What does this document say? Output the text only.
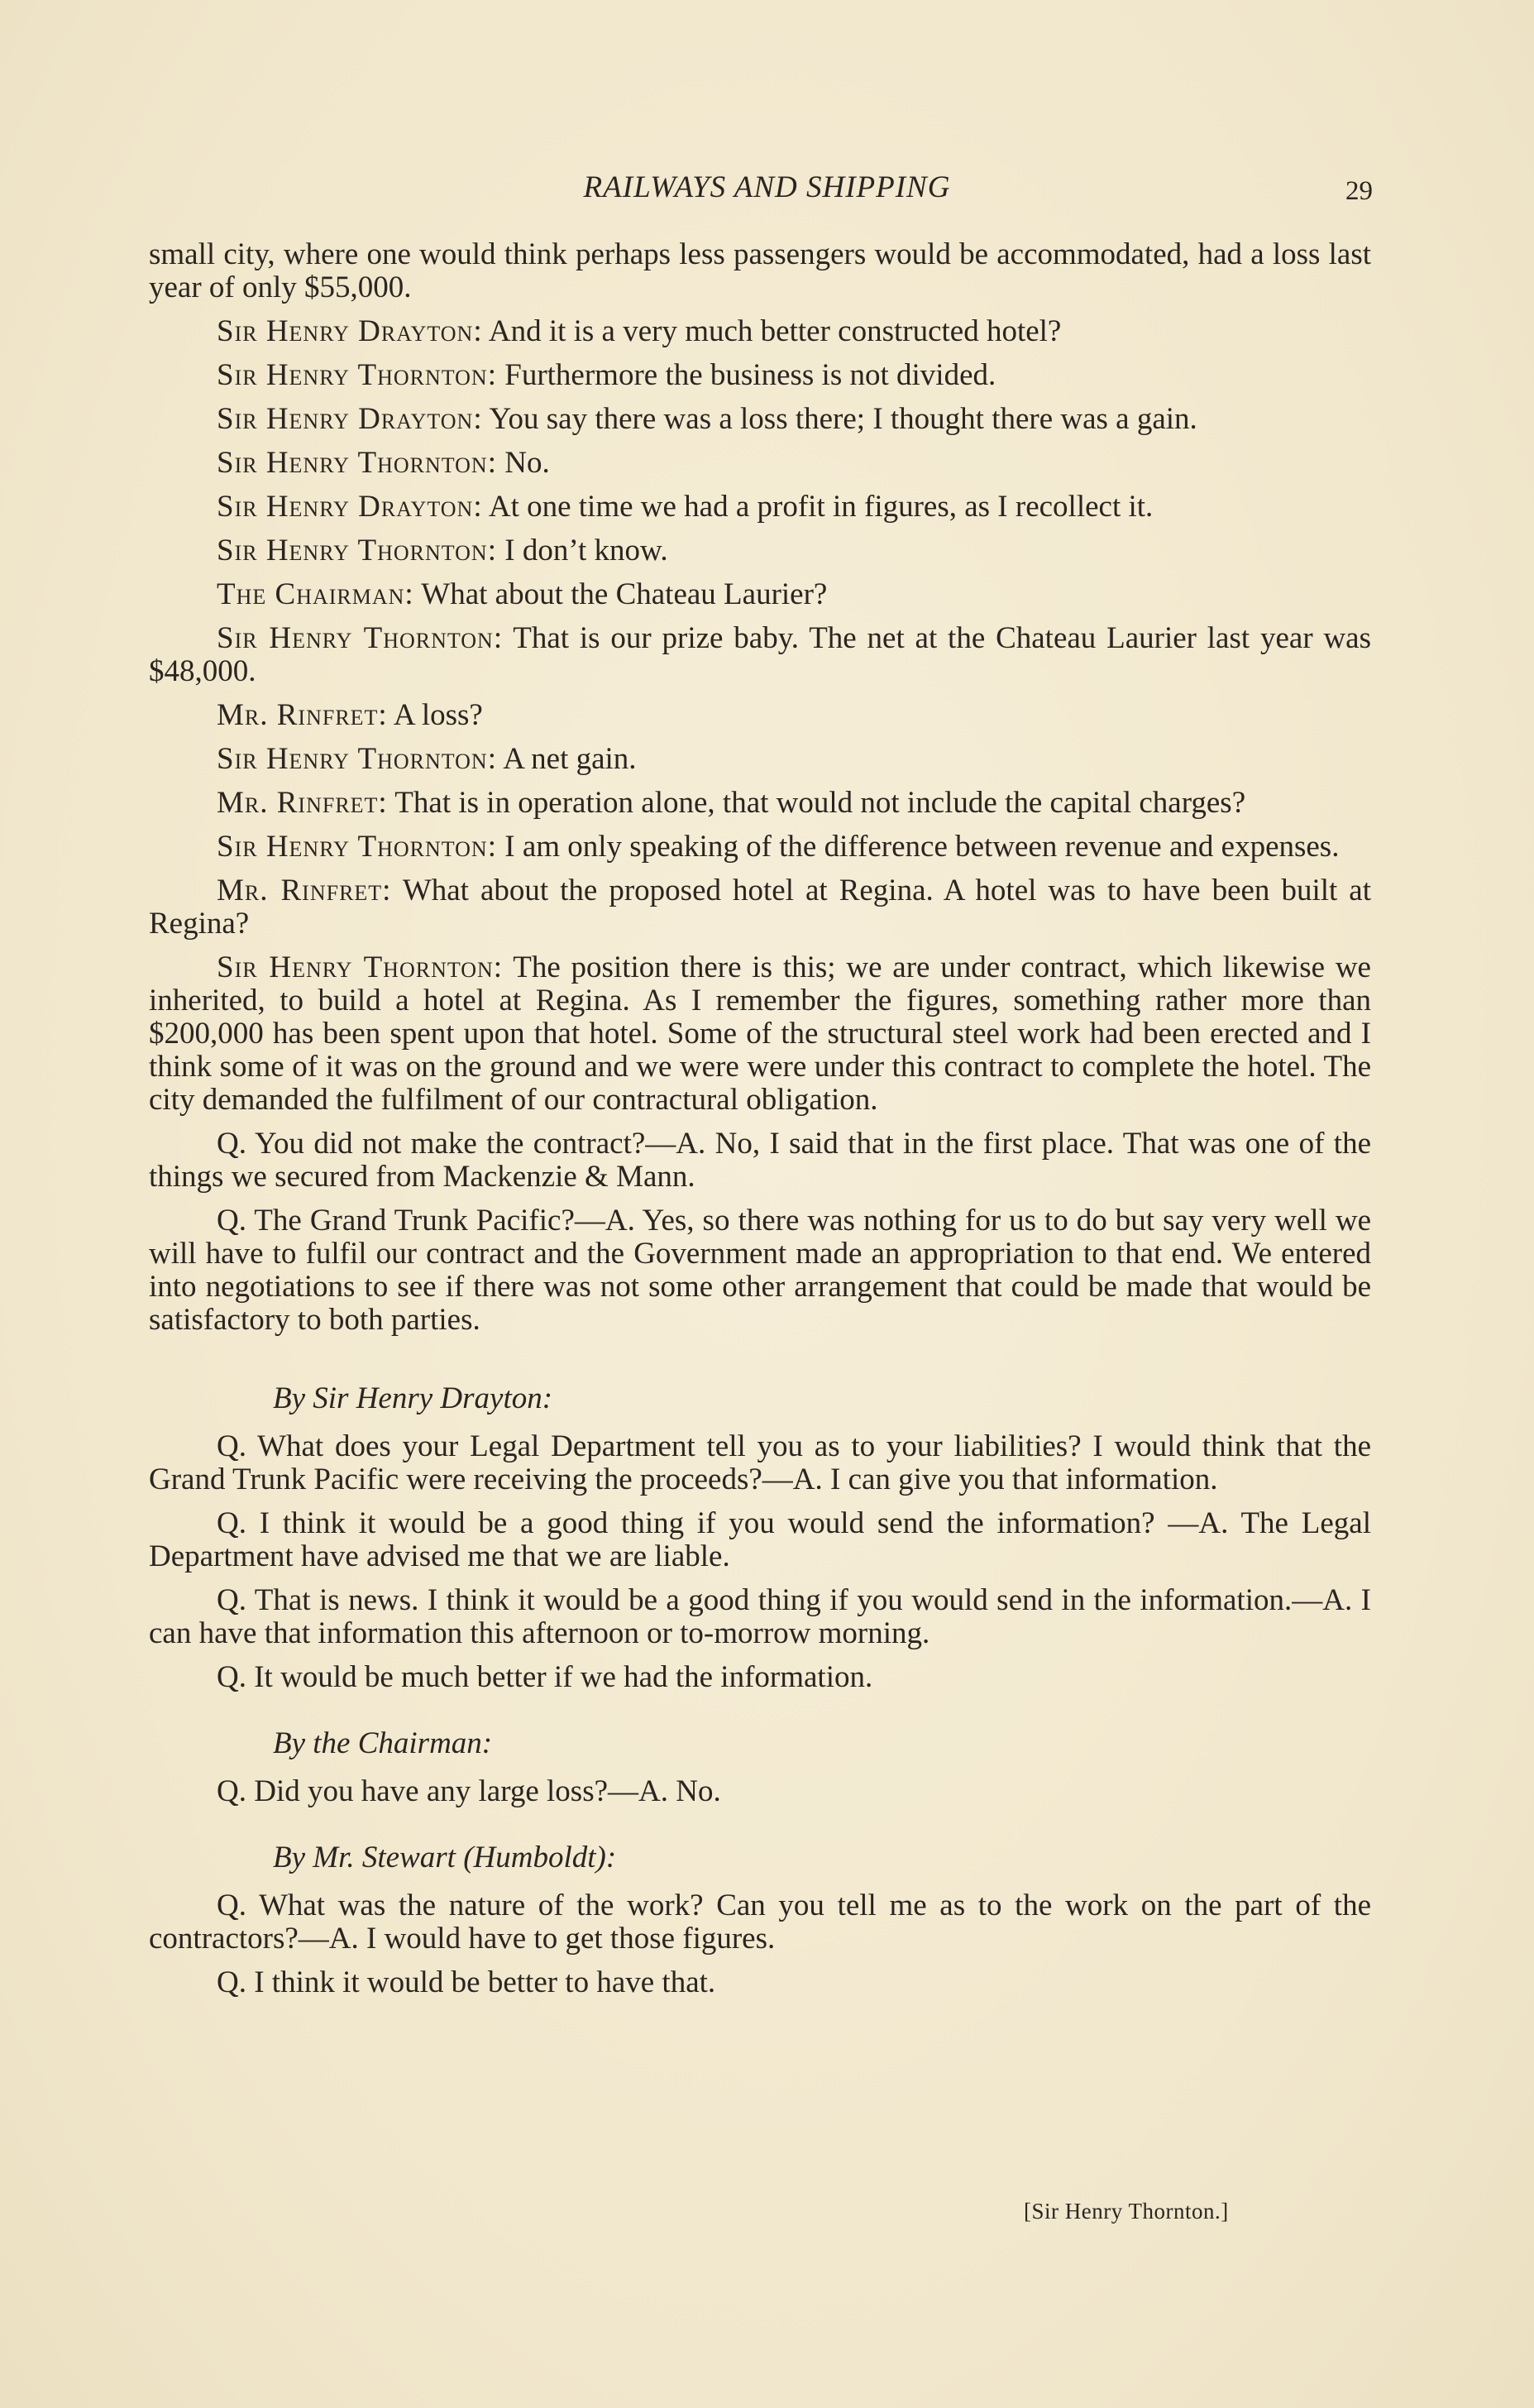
RAILWAYS AND SHIPPING	29

small city, where one would think perhaps less passengers would be accommodated, had a loss last year of only $55,000.

Sir Henry Drayton: And it is a very much better constructed hotel?

Sir Henry Thornton: Furthermore the business is not divided.

Sir Henry Drayton: You say there was a loss there; I thought there was a gain.

Sir Henry Thornton: No.

Sir Henry Drayton: At one time we had a profit in figures, as I recollect it.

Sir Henry Thornton: I don’t know.

The Chairman: What about the Chateau Laurier?

Sir Henry Thornton: That is our prize baby. The net at the Chateau Laurier last year was $48,000.

Mr. Rinfret: A loss?

Sir Henry Thornton: A net gain.

Mr. Rinfret: That is in operation alone, that would not include the capital charges?

Sir Henry Thornton: I am only speaking of the difference between revenue and expenses.

Mr. Rinfret: What about the proposed hotel at Regina. A hotel was to have been built at Regina?

Sir Henry Thornton: The position there is this; we are under contract, which likewise we inherited, to build a hotel at Regina. As I remember the figures, something rather more than $200,000 has been spent upon that hotel. Some of the structural steel work had been erected and I think some of it was on the ground and we were were under this contract to complete the hotel. The city demanded the fulfilment of our contractural obligation.

Q. You did not make the contract?—A. No, I said that in the first place. That was one of the things we secured from Mackenzie & Mann.

Q. The Grand Trunk Pacific?—A. Yes, so there was nothing for us to do but say very well we will have to fulfil our contract and the Government made an appropriation to that end. We entered into negotiations to see if there was not some other arrangement that could be made that would be satisfactory to both parties.

By Sir Henry Drayton:

Q. What does your Legal Department tell you as to your liabilities? I would think that the Grand Trunk Pacific were receiving the proceeds?—A. I can give you that information.

Q. I think it would be a good thing if you would send the information? —A. The Legal Department have advised me that we are liable.

Q. That is news. I think it would be a good thing if you would send in the information.—A. I can have that information this afternoon or to-morrow morning.

Q. It would be much better if we had the information.

By the Chairman:

Q. Did you have any large loss?—A. No.

By Mr. Stewart (Humboldt):

Q. What was the nature of the work? Can you tell me as to the work on the part of the contractors?—A. I would have to get those figures.

Q. I think it would be better to have that.

[Sir Henry Thornton.]
